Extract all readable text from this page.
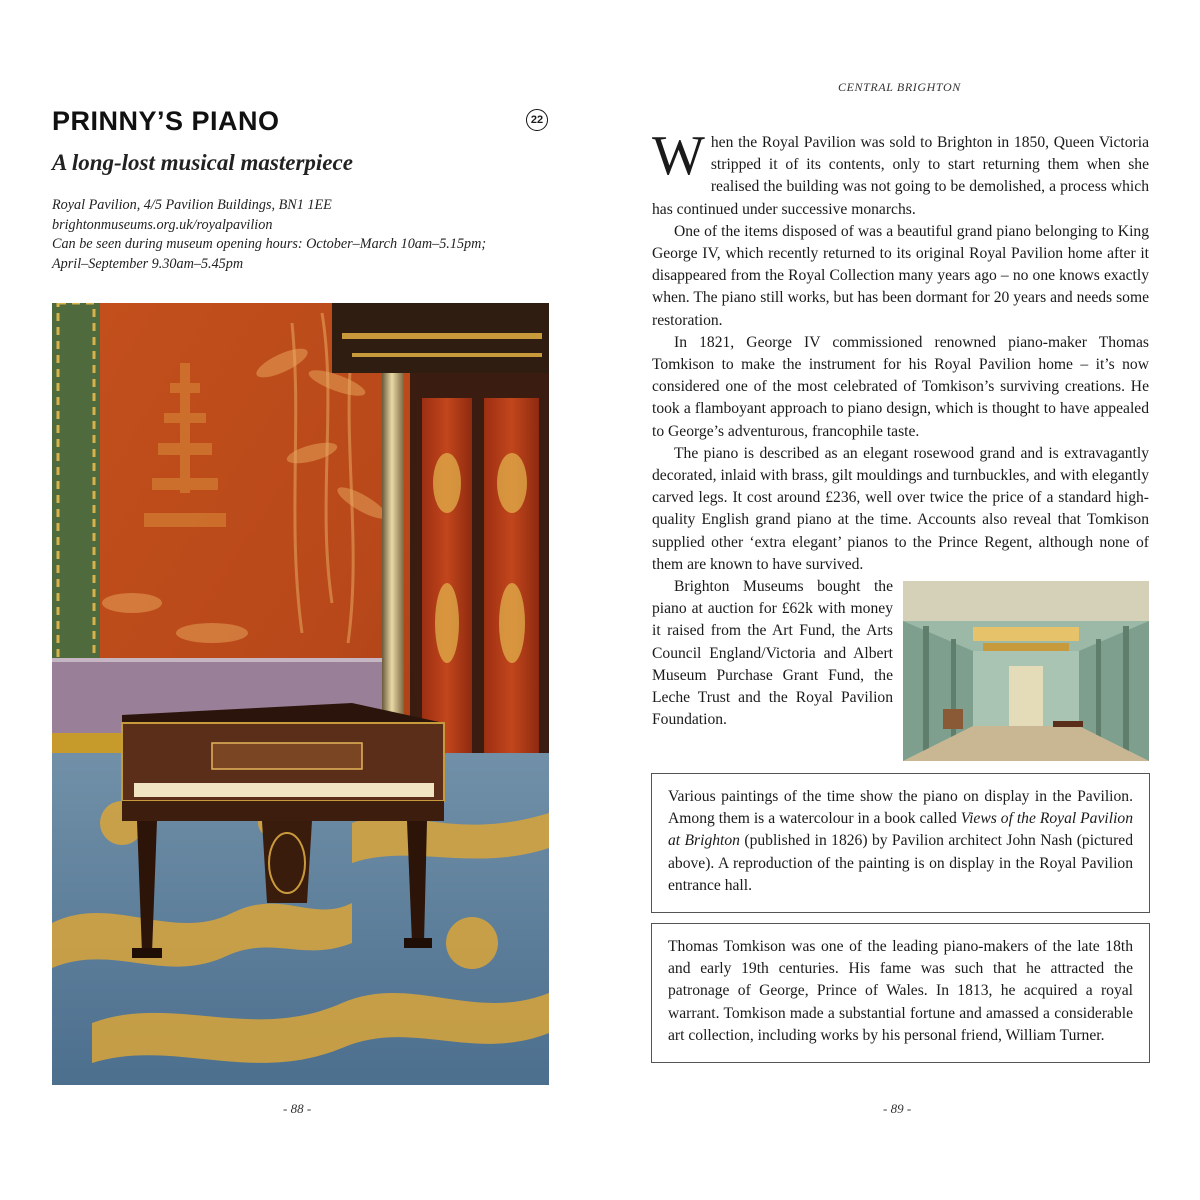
PRINNY’S PIANO	22
A long-lost musical masterpiece
Royal Pavilion, 4/5 Pavilion Buildings, BN1 1EE
brightonmuseums.org.uk/royalpavilion
Can be seen during museum opening hours: October–March 10am–5.15pm;
April–September 9.30am–5.45pm
- 88 -
CENTRAL BRIGHTON

When the Royal Pavilion was sold to Brighton in 1850, Queen Victoria stripped it of its contents, only to start returning them when she realised the building was not going to be demolished, a process which has continued under successive monarchs.

One of the items disposed of was a beautiful grand piano belonging to King George IV, which recently returned to its original Royal Pavilion home after it disappeared from the Royal Collection many years ago – no one knows exactly when. The piano still works, but has been dormant for 20 years and needs some restoration.

In 1821, George IV commissioned renowned piano-maker Thomas Tomkison to make the instrument for his Royal Pavilion home – it’s now considered one of the most celebrated of Tomkison’s surviving creations. He took a flamboyant approach to piano design, which is thought to have appealed to George’s adventurous, francophile taste.

The piano is described as an elegant rosewood grand and is extravagantly decorated, inlaid with brass, gilt mouldings and turnbuckles, and with elegantly carved legs. It cost around £236, well over twice the price of a standard high-quality English grand piano at the time. Accounts also reveal that Tomkison supplied other ‘extra elegant’ pianos to the Prince Regent, although none of them are known to have survived.

Brighton Museums bought the piano at auction for £62k with money it raised from the Art Fund, the Arts Council England/Victoria and Albert Museum Purchase Grant Fund, the Leche Trust and the Royal Pavilion Foundation.

Various paintings of the time show the piano on display in the Pavilion. Among them is a watercolour in a book called Views of the Royal Pavilion at Brighton (published in 1826) by Pavilion architect John Nash (pictured above). A reproduction of the painting is on display in the Royal Pavilion entrance hall.
Thomas Tomkison was one of the leading piano-makers of the late 18th and early 19th centuries. His fame was such that he attracted the patronage of George, Prince of Wales. In 1813, he acquired a royal warrant. Tomkison made a substantial fortune and amassed a considerable art collection, including works by his personal friend, William Turner.
- 89 -
